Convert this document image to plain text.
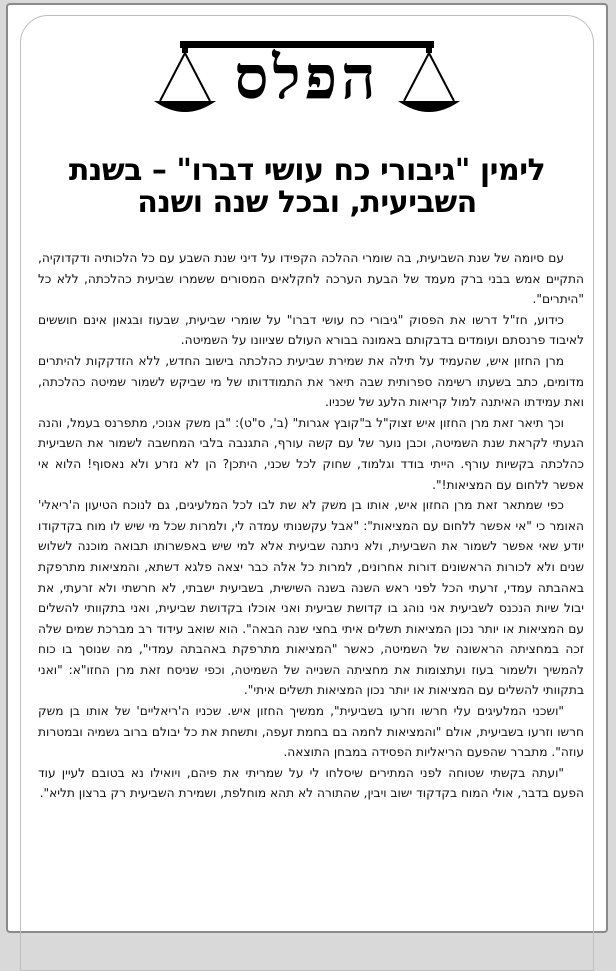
הפלס
לימין "גיבורי כח עושי דברו" – בשנת
השביעית, ובכל שנה ושנה

עם סיומה של שנת השביעית, בה שומרי ההלכה הקפידו על דיני שנת השבע עם כל הלכותיה ודקדוקיה, התקיים אמש בבני ברק מעמד של הבעת הערכה לחקלאים המסורים ששמרו שביעית כהלכתה, ללא כל "היתרים".

כידוע, חז"ל דרשו את הפסוק "גיבורי כח עושי דברו" על שומרי שביעית, שבעוז ובגאון אינם חוששים לאיבוד פרנסתם ועומדים בדבקותם באמונה בבורא העולם שציוונו על השמיטה.

מרן החזון איש, שהעמיד על תילה את שמירת שביעית כהלכתה בישוב החדש, ללא הזדקקות להיתרים מדומים, כתב בשעתו רשימה ספרותית שבה תיאר את התמודדותו של מי שביקש לשמור שמיטה כהלכתה, ואת עמידתו האיתנה למול קריאות הלעג של שכניו.

וכך תיאר זאת מרן החזון איש זצוק"ל ב"קובץ אגרות" (ב', ס"ט): "בן משק אנוכי, מתפרנס בעמל, והנה הגעתי לקראת שנת השמיטה, וכבן נוער של עם קשה עורף, התגנבה בלבי המחשבה לשמור את השביעית כהלכתה בקשיות עורף. הייתי בודד וגלמוד, שחוק לכל שכני, היתכן? הן לא נזרע ולא נאסוף! הלוא אי אפשר ללחום עם המציאות!".

כפי שמתאר זאת מרן החזון איש, אותו בן משק לא שת לבו לכל המלעיגים, גם לנוכח הטיעון ה'ריאלי' האומר כי "אי אפשר ללחום עם המציאות": "אבל עקשנותי עמדה לי, ולמרות שכל מי שיש לו מוח בקדקודו יודע שאי אפשר לשמור את השביעית, ולא ניתנה שביעית אלא למי שיש באפשרותו תבואה מוכנה לשלוש שנים ולא לכורות הראשונים דורות אחרונים, למרות כל אלה כבר יצאה פלגא דשתא, והמציאות מתרפקת באהבתה עמדי, זרעתי הכל לפני ראש השנה בשנה השישית, בשביעית ישבתי, לא חרשתי ולא זרעתי, את יבול שיות הנכנס לשביעית אני נוהג בו קדושת שביעית ואני אוכלו בקדושת שביעית, ואני בתקוותי להשלים עם המציאות או יותר נכון המציאות תשלים איתי בחצי שנה הבאה". הוא שואב עידוד רב מברכת שמים שלה זכה במחציתה הראשונה של השמיטה, כאשר "המציאות מתרפקת באהבתה עמדי", מה שנוסך בו כוח להמשיך ולשמור בעוז ועתצומות את מחציתה השנייה של השמיטה, וכפי שניסח זאת מרן החזו"א: "ואני בתקוותי להשלים עם המציאות או יותר נכון המציאות תשלים איתי".

"ושכני המלעיגים עלי חרשו וזרעו בשביעית", ממשיך החזון איש. שכניו ה'ריאליים' של אותו בן משק חרשו וזרעו בשביעית, אולם "והמציאות לחמה בם בחמת זעפה, ותשחת את כל יבולם ברוב גשמיה ובמטרות עוזה". מתברר שהפעם הריאליות הפסידה במבחן התוצאה.

"ועתה בקשתי שטוחה לפני המתירים שיסלחו לי על שמריתי את פיהם, ויואילו נא בטובם לעיין עוד הפעם בדבר, אולי המוח בקדקוד ישוב ויבין, שהתורה לא תהא מוחלפת, ושמירת השביעית רק ברצון תליא".
